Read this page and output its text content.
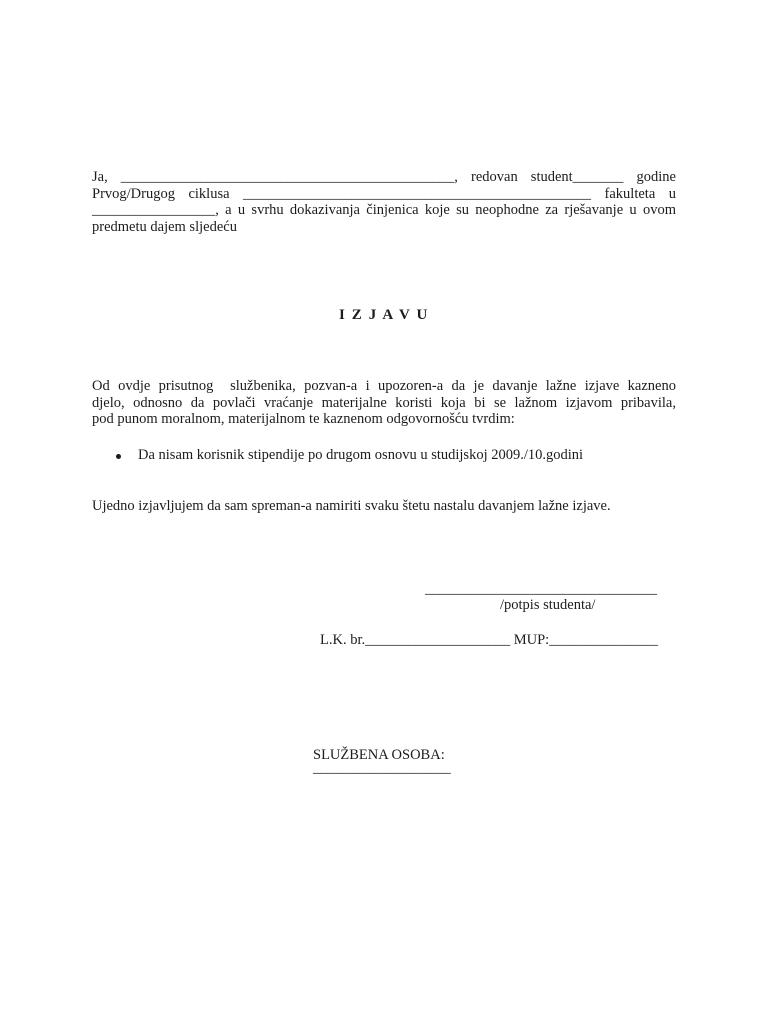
Ja, ______________________________________________, redovan student_______ godine
Prvog/Drugog ciklusa ________________________________________________ fakulteta u
_________________, a u svrhu dokazivanja činjenica koje su neophodne za rješavanje u ovom
predmetu dajem sljedeću
I Z J A V U
Od ovdje prisutnog  službenika, pozvan-a i upozoren-a da je davanje lažne izjave kazneno
djelo, odnosno da povlači vraćanje materijalne koristi koja bi se lažnom izjavom pribavila,
pod punom moralnom, materijalnom te kaznenom odgovornošću tvrdim:
Da nisam korisnik stipendije po drugom osnovu u studijskoj 2009./10.godini
Ujedno izjavljujem da sam spreman-a namiriti svaku štetu nastalu davanjem lažne izjave.
________________________________
/potpis studenta/
L.K. br.____________________ MUP:_______________
SLUŽBENA OSOBA:
___________________
